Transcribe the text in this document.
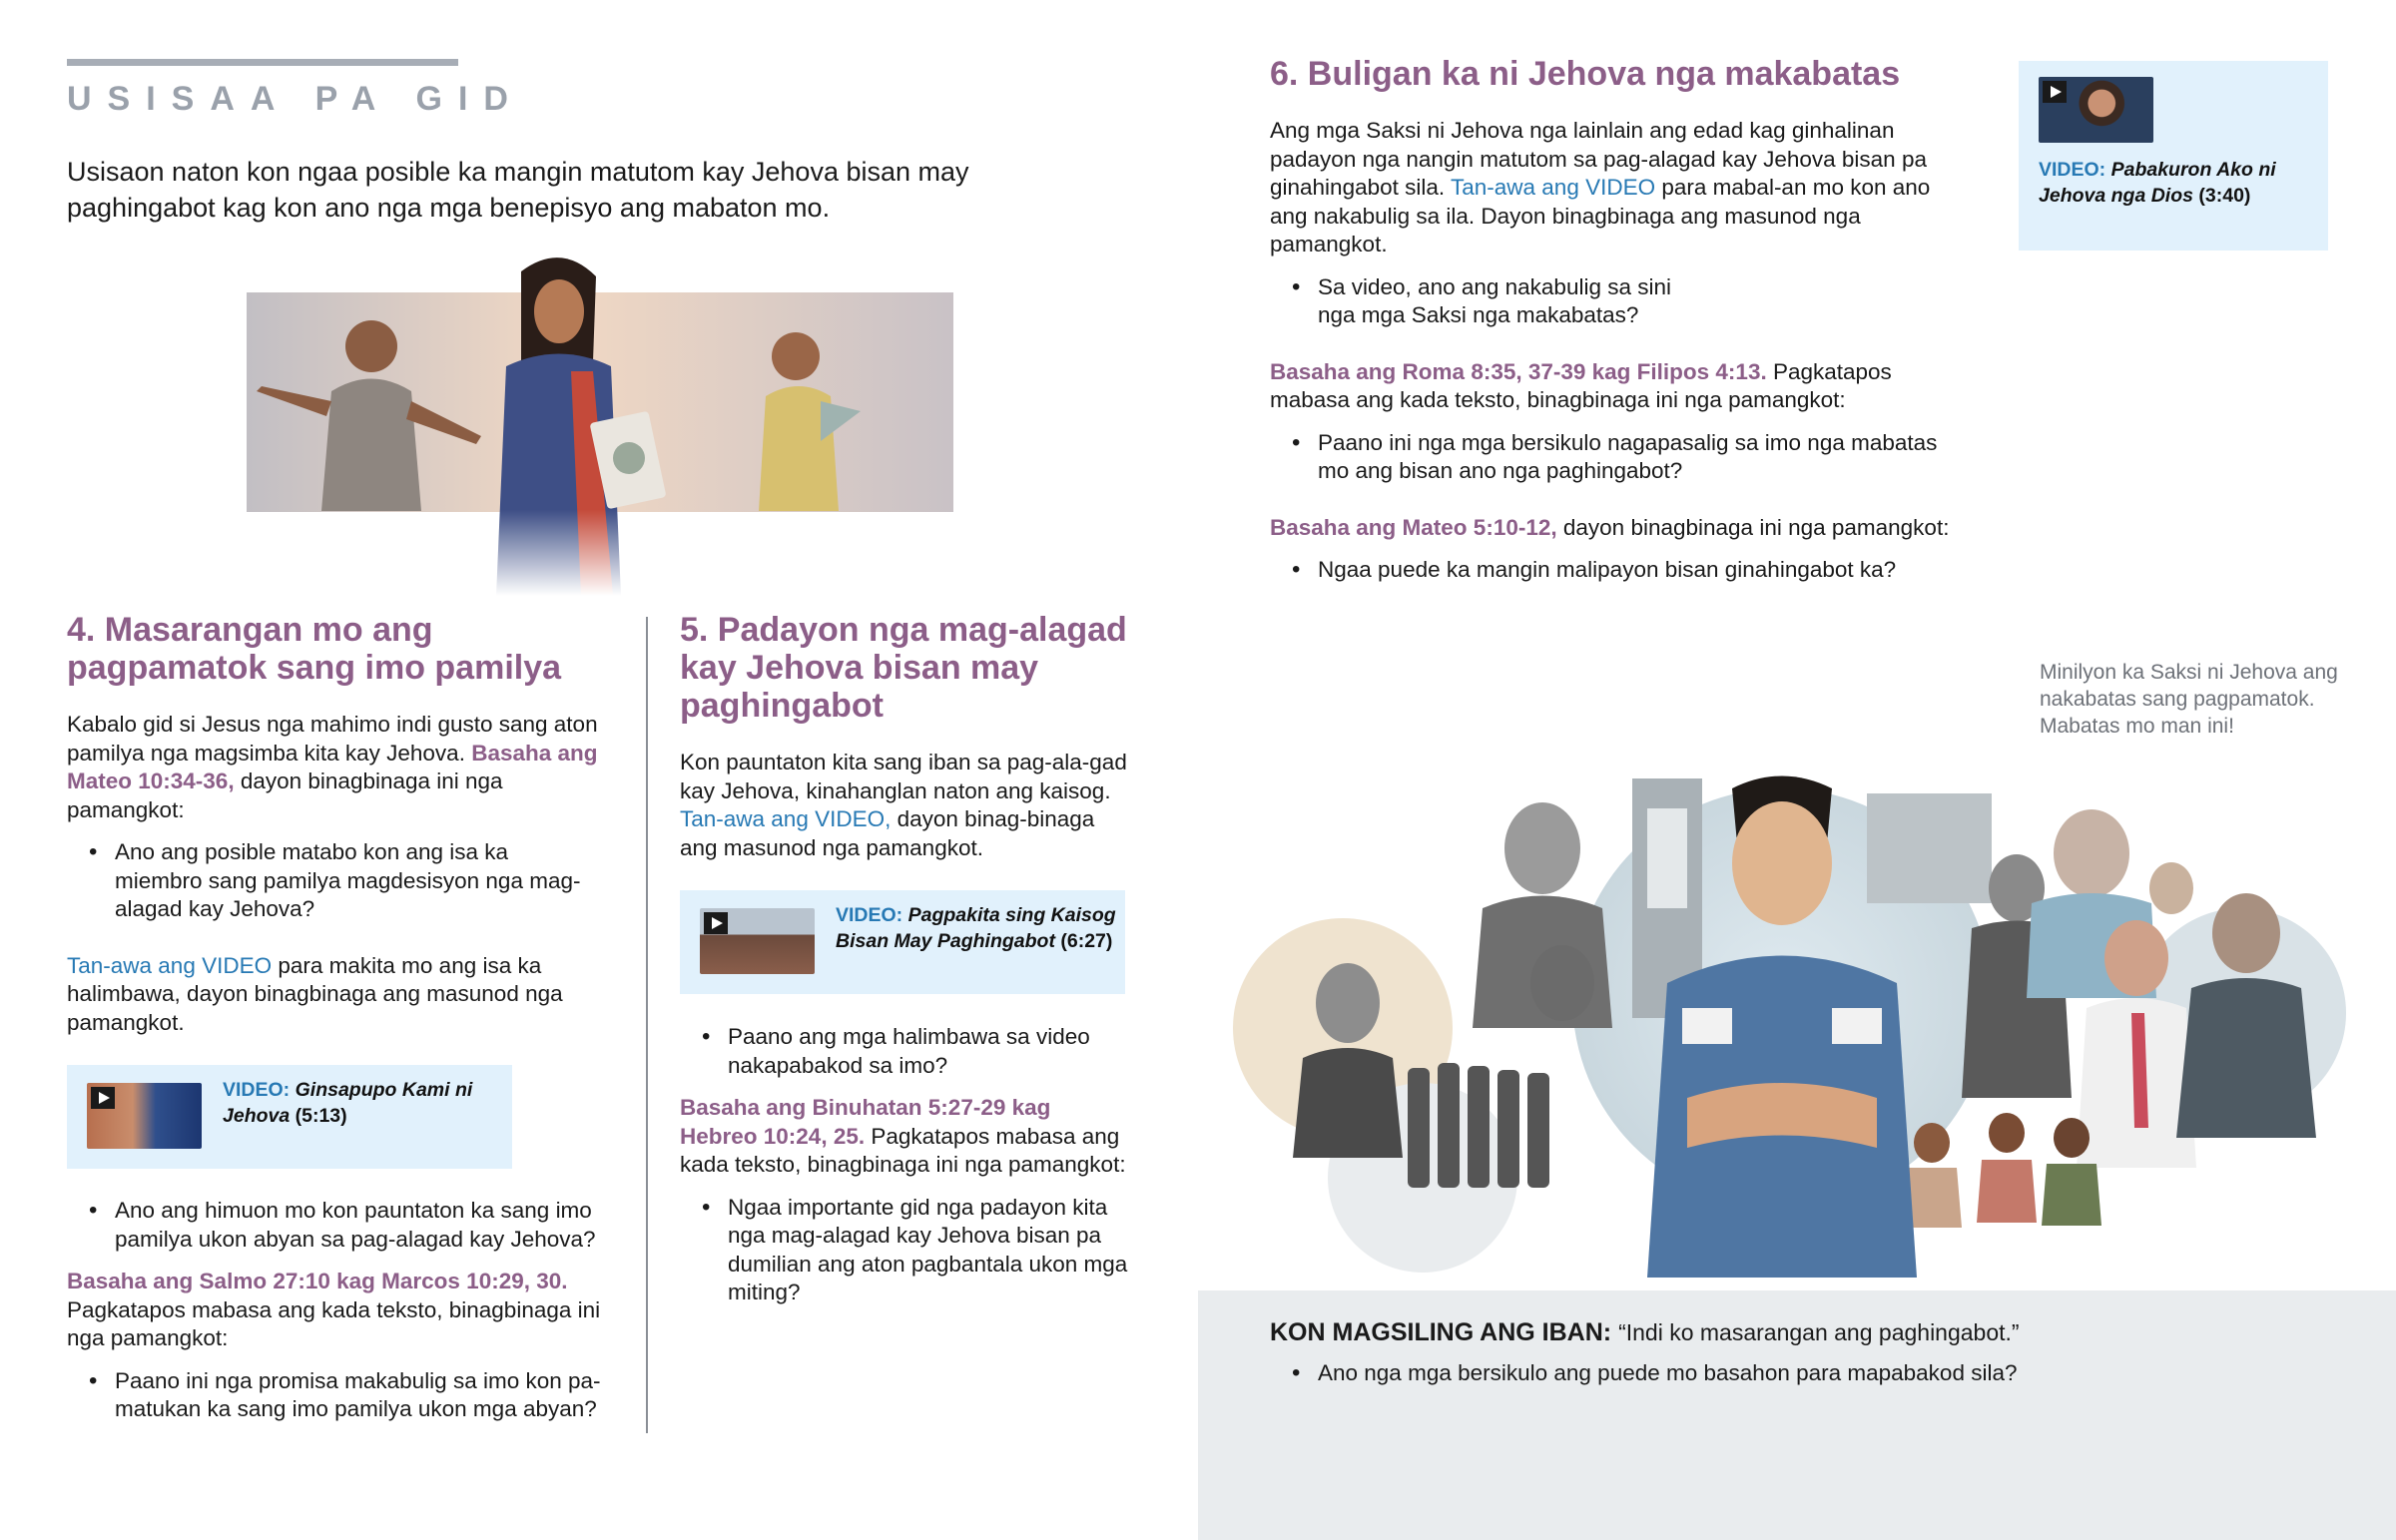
USISAA PA GID

Usisaon naton kon ngaa posible ka mangin matutom kay Jehova bisan may paghingabot kag kon ano nga mga benepisyo ang mabaton mo.

4. Masarangan mo ang pagpamatok sang imo pamilya

Kabalo gid si Jesus nga mahimo indi gusto sang aton pamilya nga magsimba kita kay Jehova. Basaha ang Mateo 10:34-36, dayon binagbinaga ini nga pamangkot:

• Ano ang posible matabo kon ang isa ka miembro sang pamilya magdesisyon nga mag-alagad kay Jehova?

Tan-awa ang VIDEO para makita mo ang isa ka halimbawa, dayon binagbinaga ang masunod nga pamangkot.

VIDEO: Ginsapupo Kami ni Jehova (5:13)
• Ano ang himuon mo kon pauntaton ka sang imo pamilya ukon abyan sa pag-alagad kay Jehova?

Basaha ang Salmo 27:10 kag Marcos 10:29, 30. Pagkatapos mabasa ang kada teksto, binagbinaga ini nga pamangkot:

• Paano ini nga promisa makabulig sa imo kon pa-matukan ka sang imo pamilya ukon mga abyan?
5. Padayon nga mag-alagad kay Jehova bisan may paghingabot

Kon pauntaton kita sang iban sa pag-ala-gad kay Jehova, kinahanglan naton ang kaisog. Tan-awa ang VIDEO, dayon binag-binaga ang masunod nga pamangkot.

VIDEO: Pagpakita sing Kaisog Bisan May Paghingabot (6:27)
• Paano ang mga halimbawa sa video nakapabakod sa imo?

Basaha ang Binuhatan 5:27-29 kag Hebreo 10:24, 25. Pagkatapos mabasa ang kada teksto, binagbinaga ini nga pamangkot:

• Ngaa importante gid nga padayon kita nga mag-alagad kay Jehova bisan pa dumilian ang aton pagbantala ukon mga miting?
6. Buligan ka ni Jehova nga makabatas

Ang mga Saksi ni Jehova nga lainlain ang edad kag ginhalinan padayon nga nangin matutom sa pag-alagad kay Jehova bisan pa ginahingabot sila. Tan-awa ang VIDEO para mabal-an mo kon ano ang nakabulig sa ila. Dayon binagbinaga ang masunod nga pamangkot.

• Sa video, ano ang nakabulig sa sini nga mga Saksi nga makabatas?

Basaha ang Roma 8:35, 37-39 kag Filipos 4:13. Pagkatapos mabasa ang kada teksto, binagbinaga ini nga pamangkot:

• Paano ini nga mga bersikulo nagapasalig sa imo nga mabatas mo ang bisan ano nga paghingabot?

Basaha ang Mateo 5:10-12, dayon binagbinaga ini nga pamangkot:

• Ngaa puede ka mangin malipayon bisan ginahingabot ka?
VIDEO: Pabakuron Ako ni Jehova nga Dios (3:40)

Minilyon ka Saksi ni Jehova ang nakabatas sang pagpamatok. Mabatas mo man ini!

KON MAGSILING ANG IBAN: “Indi ko masarangan ang paghingabot.”

• Ano nga mga bersikulo ang puede mo basahon para mapabakod sila?
